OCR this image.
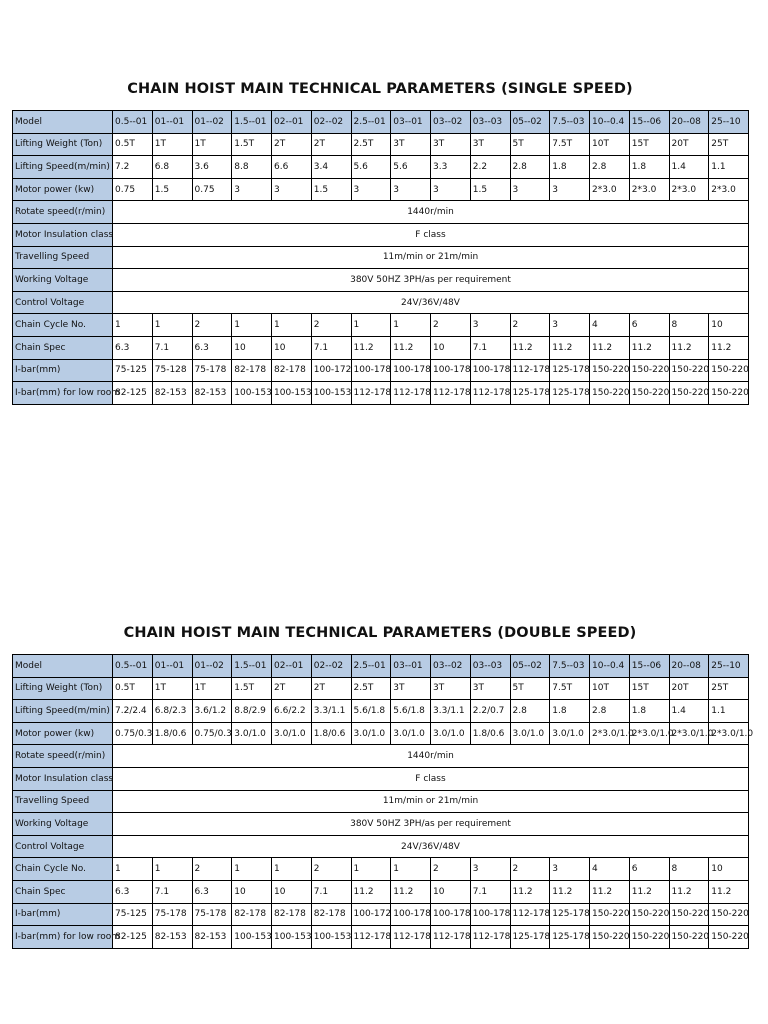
CHAIN HOIST MAIN TECHNICAL PARAMETERS (SINGLE SPEED)
Model	0.5--01	01--01	01--02	1.5--01	02--01	02--02	2.5--01	03--01	03--02	03--03	05--02	7.5--03	10--0.4	15--06	20--08	25--10
Lifting Weight (Ton)	0.5T	1T	1T	1.5T	2T	2T	2.5T	3T	3T	3T	5T	7.5T	10T	15T	20T	25T
Lifting Speed(m/min)	7.2	6.8	3.6	8.8	6.6	3.4	5.6	5.6	3.3	2.2	2.8	1.8	2.8	1.8	1.4	1.1
Motor power (kw)	0.75	1.5	0.75	3	3	1.5	3	3	3	1.5	3	3	2*3.0	2*3.0	2*3.0	2*3.0
Rotate speed(r/min)	1440r/min															
Motor Insulation class	F class															
Travelling Speed	11m/min or 21m/min															
Working Voltage	380V 50HZ 3PH/as per requirement															
Control Voltage	24V/36V/48V															
Chain Cycle No.	1	1	2	1	1	2	1	1	2	3	2	3	4	6	8	10
Chain Spec	6.3	7.1	6.3	10	10	7.1	11.2	11.2	10	7.1	11.2	11.2	11.2	11.2	11.2	11.2
I-bar(mm)	75-125	75-128	75-178	82-178	82-178	100-172	100-178	100-178	100-178	100-178	112-178	125-178	150-220	150-220	150-220	150-220
I-bar(mm) for low room	82-125	82-153	82-153	100-153	100-153	100-153	112-178	112-178	112-178	112-178	125-178	125-178	150-220	150-220	150-220	150-220
CHAIN HOIST MAIN TECHNICAL PARAMETERS (DOUBLE SPEED)
Model	0.5--01	01--01	01--02	1.5--01	02--01	02--02	2.5--01	03--01	03--02	03--03	05--02	7.5--03	10--0.4	15--06	20--08	25--10
Lifting Weight (Ton)	0.5T	1T	1T	1.5T	2T	2T	2.5T	3T	3T	3T	5T	7.5T	10T	15T	20T	25T
Lifting Speed(m/min)	7.2/2.4	6.8/2.3	3.6/1.2	8.8/2.9	6.6/2.2	3.3/1.1	5.6/1.8	5.6/1.8	3.3/1.1	2.2/0.7	2.8	1.8	2.8	1.8	1.4	1.1
Motor power (kw)	0.75/0.3	1.8/0.6	0.75/0.3	3.0/1.0	3.0/1.0	1.8/0.6	3.0/1.0	3.0/1.0	3.0/1.0	1.8/0.6	3.0/1.0	3.0/1.0	2*3.0/1.0	2*3.0/1.0	2*3.0/1.0	2*3.0/1.0
Rotate speed(r/min)	1440r/min															
Motor Insulation class	F class															
Travelling Speed	11m/min or 21m/min															
Working Voltage	380V 50HZ 3PH/as per requirement															
Control Voltage	24V/36V/48V															
Chain Cycle No.	1	1	2	1	1	2	1	1	2	3	2	3	4	6	8	10
Chain Spec	6.3	7.1	6.3	10	10	7.1	11.2	11.2	10	7.1	11.2	11.2	11.2	11.2	11.2	11.2
I-bar(mm)	75-125	75-178	75-178	82-178	82-178	82-178	100-172	100-178	100-178	100-178	112-178	125-178	150-220	150-220	150-220	150-220
I-bar(mm) for low room	82-125	82-153	82-153	100-153	100-153	100-153	112-178	112-178	112-178	112-178	125-178	125-178	150-220	150-220	150-220	150-220
